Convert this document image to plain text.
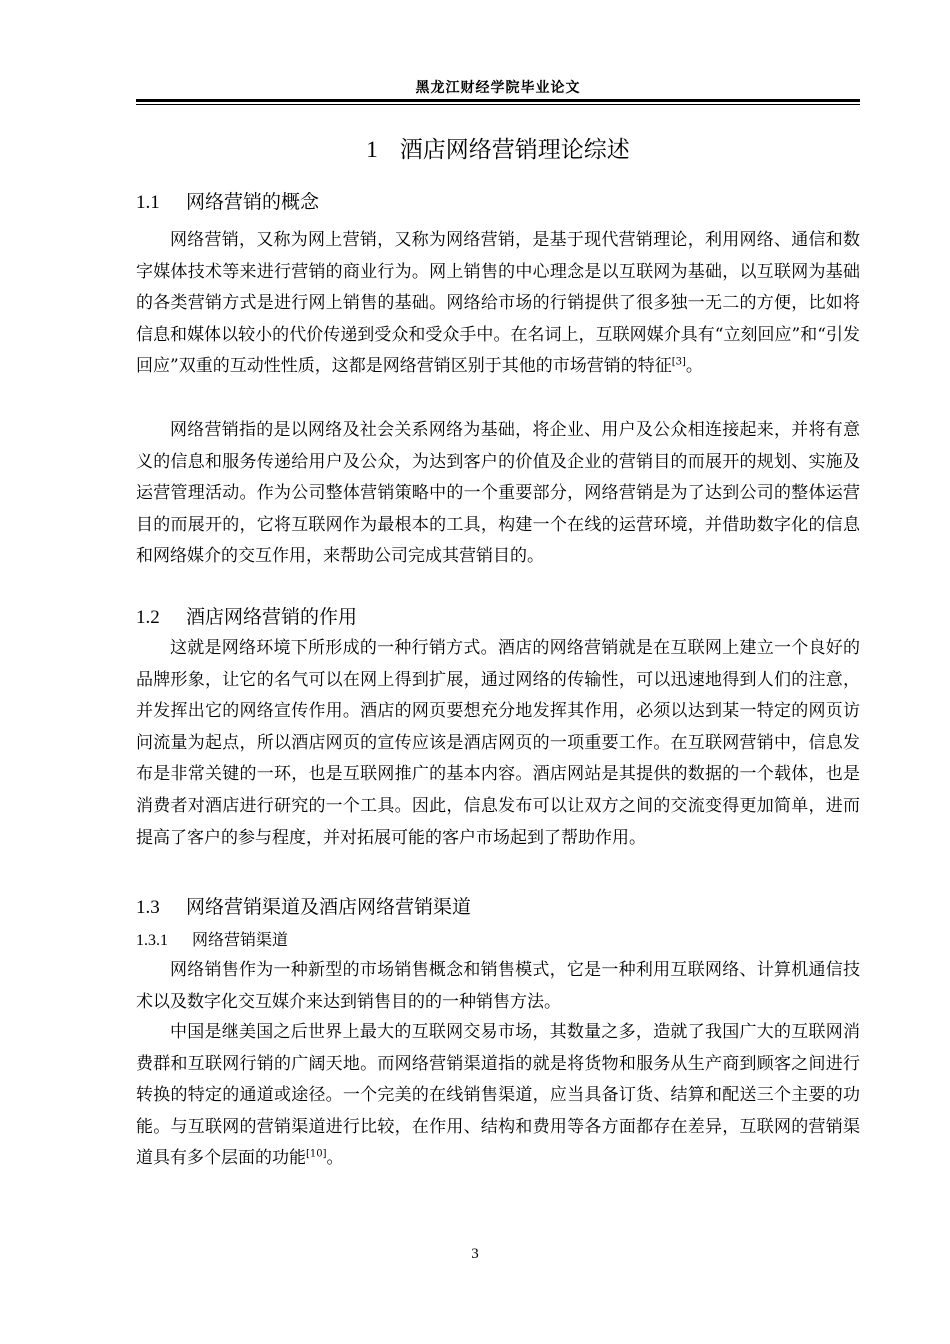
黑龙江财经学院毕业论文
1 酒店网络营销理论综述
1.1 网络营销的概念

网络营销，又称为网上营销，又称为网络营销，是基于现代营销理论，利用网络、通信和数字媒体技术等来进行营销的商业行为。网上销售的中心理念是以互联网为基础，以互联网为基础的各类营销方式是进行网上销售的基础。网络给市场的行销提供了很多独一无二的方便，比如将信息和媒体以较小的代价传递到受众和受众手中。在名词上，互联网媒介具有“立刻回应”和“引发回应”双重的互动性性质，这都是网络营销区别于其他的市场营销的特征[3]。

网络营销指的是以网络及社会关系网络为基础，将企业、用户及公众相连接起来，并将有意义的信息和服务传递给用户及公众，为达到客户的价值及企业的营销目的而展开的规划、实施及运营管理活动。作为公司整体营销策略中的一个重要部分，网络营销是为了达到公司的整体运营目的而展开的，它将互联网作为最根本的工具，构建一个在线的运营环境，并借助数字化的信息和网络媒介的交互作用，来帮助公司完成其营销目的。

1.2 酒店网络营销的作用

这就是网络环境下所形成的一种行销方式。酒店的网络营销就是在互联网上建立一个良好的品牌形象，让它的名气可以在网上得到扩展，通过网络的传输性，可以迅速地得到人们的注意，并发挥出它的网络宣传作用。酒店的网页要想充分地发挥其作用，必须以达到某一特定的网页访问流量为起点，所以酒店网页的宣传应该是酒店网页的一项重要工作。在互联网营销中，信息发布是非常关键的一环，也是互联网推广的基本内容。酒店网站是其提供的数据的一个载体，也是消费者对酒店进行研究的一个工具。因此，信息发布可以让双方之间的交流变得更加简单，进而提高了客户的参与程度，并对拓展可能的客户市场起到了帮助作用。

1.3 网络营销渠道及酒店网络营销渠道
1.3.1 网络营销渠道

网络销售作为一种新型的市场销售概念和销售模式，它是一种利用互联网络、计算机通信技术以及数字化交互媒介来达到销售目的的一种销售方法。

中国是继美国之后世界上最大的互联网交易市场，其数量之多，造就了我国广大的互联网消费群和互联网行销的广阔天地。而网络营销渠道指的就是将货物和服务从生产商到顾客之间进行转换的特定的通道或途径。一个完美的在线销售渠道，应当具备订货、结算和配送三个主要的功能。与互联网的营销渠道进行比较，在作用、结构和费用等各方面都存在差异，互联网的营销渠道具有多个层面的功能[10]。

3
